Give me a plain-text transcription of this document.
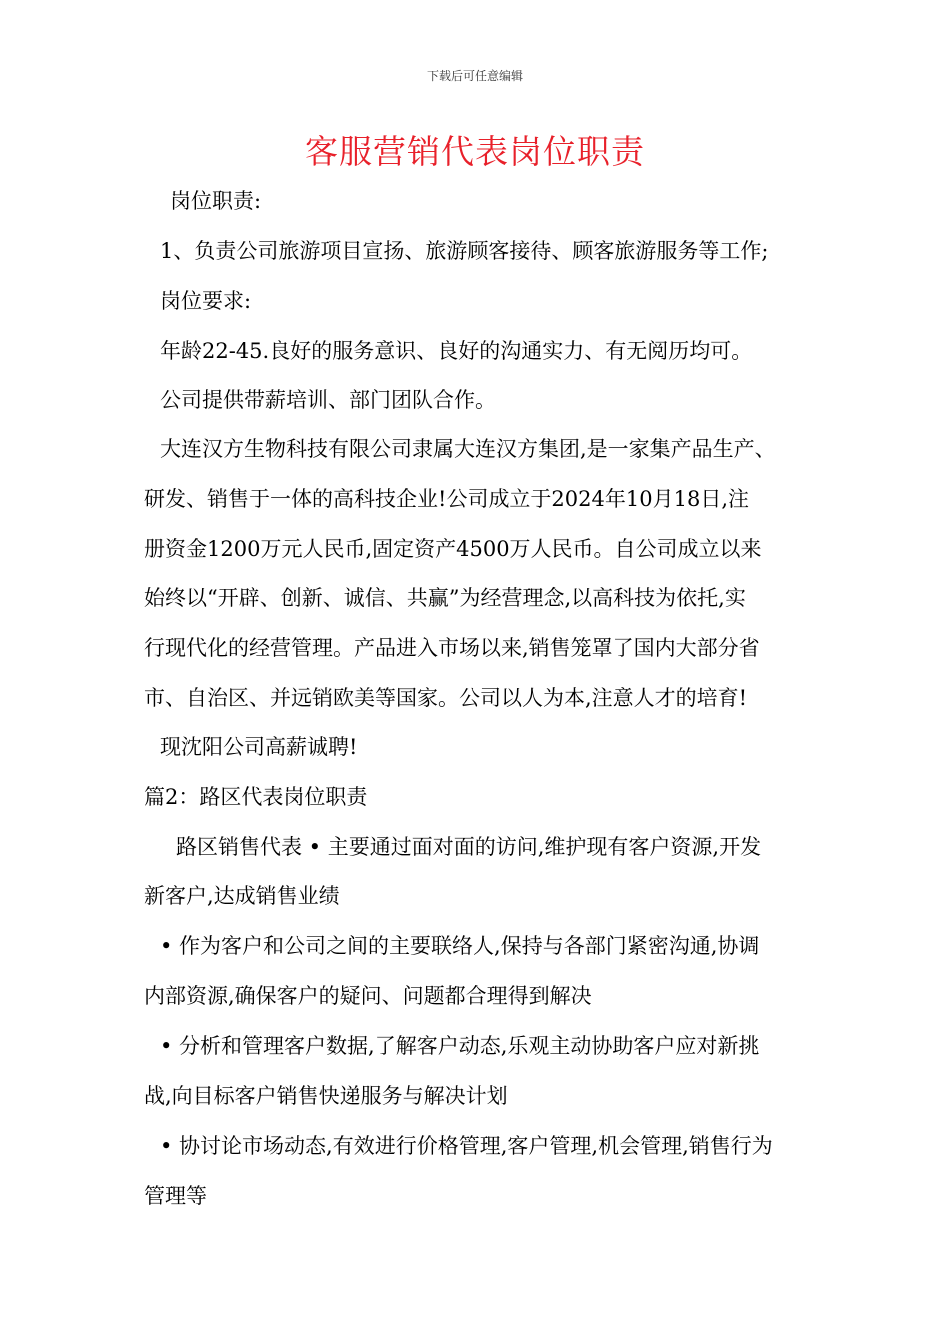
下载后可任意编辑
客服营销代表岗位职责
岗位职责:
1、负责公司旅游项目宣扬、旅游顾客接待、顾客旅游服务等工作;
岗位要求:
年龄22-45.良好的服务意识、良好的沟通实力、有无阅历均可。
公司提供带薪培训、部门团队合作。
大连汉方生物科技有限公司隶属大连汉方集团,是一家集产品生产、
研发、销售于一体的高科技企业!公司成立于2024年10月18日,注
册资金1200万元人民币,固定资产4500万人民币。自公司成立以来
始终以“开辟、创新、诚信、共赢”为经营理念,以高科技为依托,实
行现代化的经营管理。产品进入市场以来,销售笼罩了国内大部分省
市、自治区、并远销欧美等国家。公司以人为本,注意人才的培育!
现沈阳公司高薪诚聘!
篇2：路区代表岗位职责
路区销售代表 • 主要通过面对面的访问,维护现有客户资源,开发
新客户,达成销售业绩
• 作为客户和公司之间的主要联络人,保持与各部门紧密沟通,协调
内部资源,确保客户的疑问、问题都合理得到解决
• 分析和管理客户数据,了解客户动态,乐观主动协助客户应对新挑
战,向目标客户销售快递服务与解决计划
• 协讨论市场动态,有效进行价格管理,客户管理,机会管理,销售行为
管理等
